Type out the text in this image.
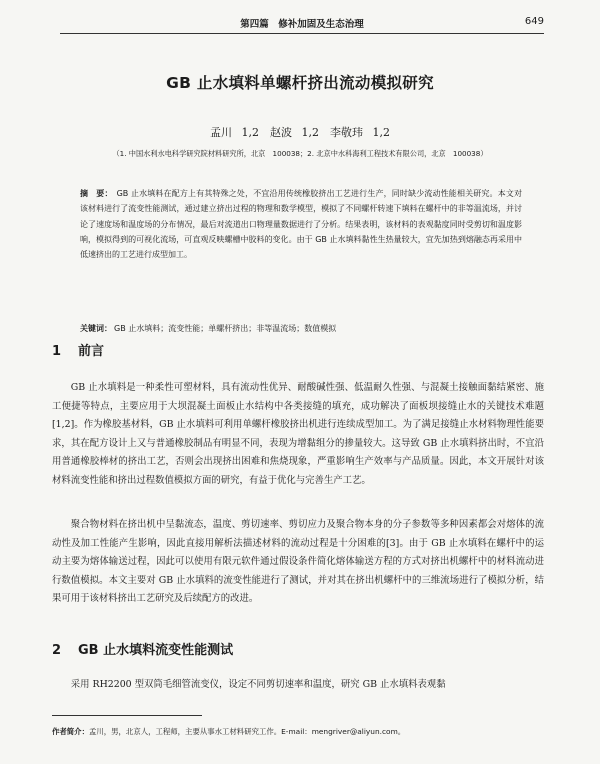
第四篇　修补加固及生态治理	649
GB 止水填料单螺杆挤出流动模拟研究
孟川 1,2　赵波 1,2　李敬玮 1,2
（1. 中国水利水电科学研究院材料研究所，北京　100038；2. 北京中水科海利工程技术有限公司，北京　100038）
摘　要： GB 止水填料在配方上有其特殊之处，不宜沿用传统橡胶挤出工艺进行生产，同时缺少流动性能相关研究。本文对该材料进行了流变性能测试，通过建立挤出过程的物理和数学模型，模拟了不同螺杆转速下填料在螺杆中的非等温流场，并讨论了速度场和温度场的分布情况，最后对流道出口物理量数据进行了分析。结果表明，该材料的表观黏度同时受剪切和温度影响，模拟得到的可视化流场，可直观反映螺槽中胶料的变化。由于 GB 止水填料黏性生热量较大，宜先加热到熔融态再采用中低速挤出的工艺进行成型加工。
关键词： GB 止水填料；流变性能；单螺杆挤出；非等温流场；数值模拟
1 前言
GB 止水填料是一种柔性可塑材料，具有流动性优异、耐酸碱性强、低温耐久性强、与混凝土接触面黏结紧密、施工便捷等特点，主要应用于大坝混凝土面板止水结构中各类接缝的填充，成功解决了面板坝接缝止水的关键技术难题[1,2]。作为橡胶基材料，GB 止水填料可利用单螺杆橡胶挤出机进行连续成型加工。为了满足接缝止水材料物理性能要求，其在配方设计上又与普通橡胶制品有明显不同，表现为增黏组分的掺量较大。这导致 GB 止水填料挤出时，不宜沿用普通橡胶棒材的挤出工艺，否则会出现挤出困难和焦烧现象，严重影响生产效率与产品质量。因此，本文开展针对该材料流变性能和挤出过程数值模拟方面的研究，有益于优化与完善生产工艺。
聚合物材料在挤出机中呈黏流态，温度、剪切速率、剪切应力及聚合物本身的分子参数等多种因素都会对熔体的流动性及加工性能产生影响，因此直接用解析法描述材料的流动过程是十分困难的[3]。由于 GB 止水填料在螺杆中的运动主要为熔体输送过程，因此可以使用有限元软件通过假设条件简化熔体输送方程的方式对挤出机螺杆中的材料流动进行数值模拟。本文主要对 GB 止水填料的流变性能进行了测试，并对其在挤出机螺杆中的三维流场进行了模拟分析，结果可用于该材料挤出工艺研究及后续配方的改进。
2 GB 止水填料流变性能测试
采用 RH2200 型双筒毛细管流变仪，设定不同剪切速率和温度，研究 GB 止水填料表观黏
作者简介：孟川，男，北京人，工程师，主要从事水工材料研究工作。E-mail：mengriver@aliyun.com。
